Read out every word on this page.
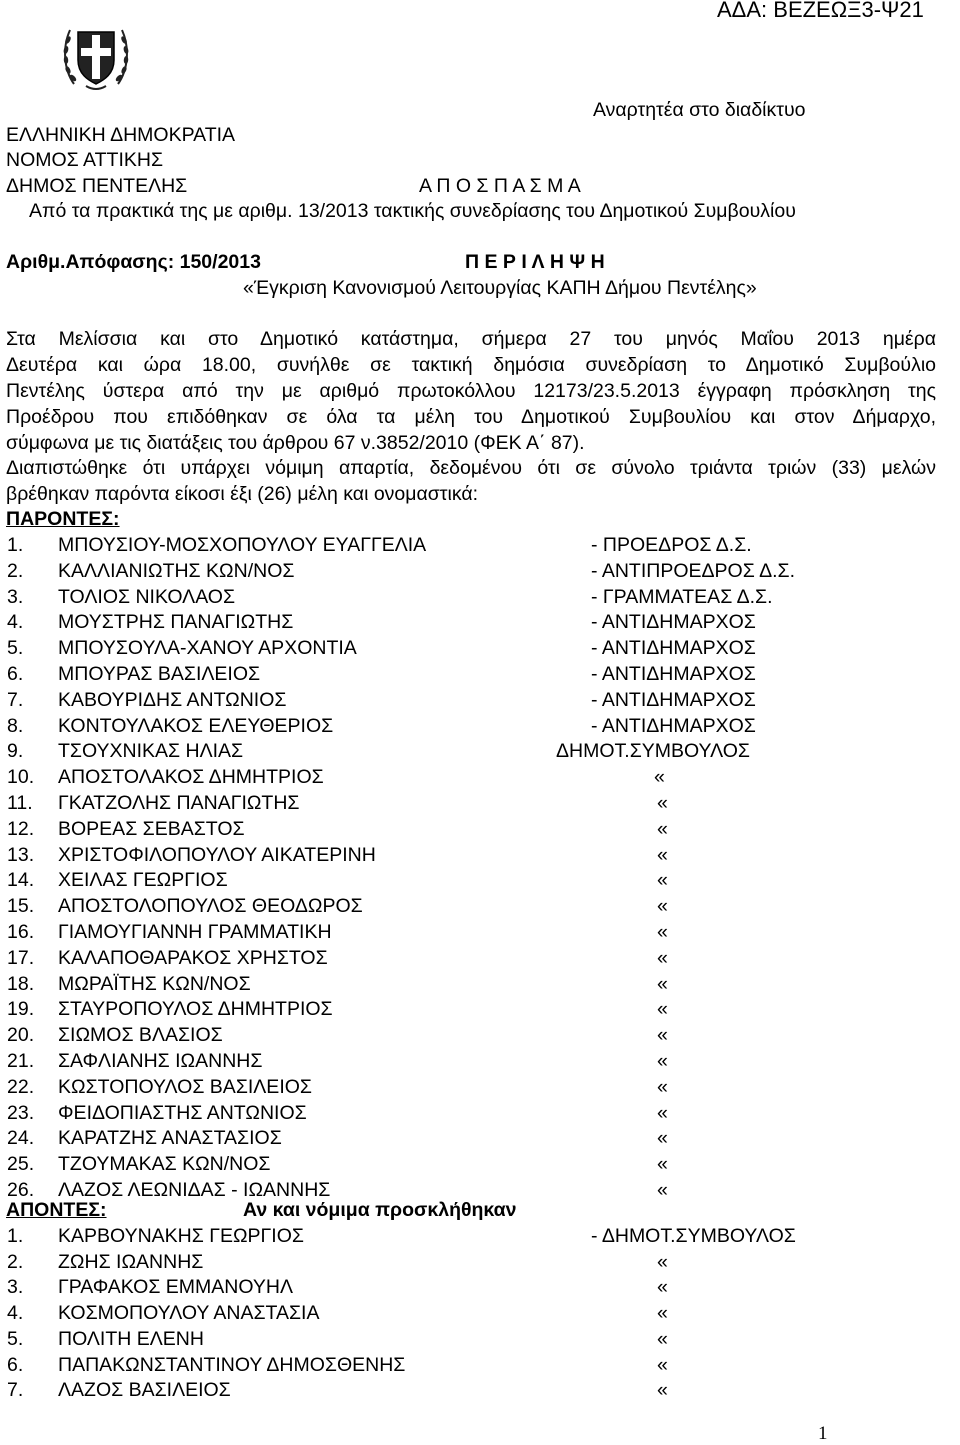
ΑΔΑ: ΒΕΖΕΩΞ3-Ψ21
Αναρτητέα στο διαδίκτυο
ΕΛΛΗΝΙΚΗ ΔΗΜΟΚΡΑΤΙΑ
ΝΟΜΟΣ ΑΤΤΙΚΗΣ
ΔΗΜΟΣ ΠΕΝΤΕΛΗΣ	Α Π Ο Σ Π Α Σ Μ Α
Από τα πρακτικά της με αριθμ. 13/2013 τακτικής συνεδρίασης του Δημοτικού Συμβουλίου
Αριθμ.Απόφασης: 150/2013	Π Ε Ρ Ι Λ Η Ψ Η
«Έγκριση Κανονισμού Λειτουργίας ΚΑΠΗ Δήμου Πεντέλης»
Στα Μελίσσια και στο Δημοτικό κατάστημα, σήμερα 27 του μηνός Μαΐου 2013 ημέρα
Δευτέρα και ώρα 18.00, συνήλθε σε τακτική δημόσια συνεδρίαση το Δημοτικό Συμβούλιο
Πεντέλης ύστερα από την με αριθμό πρωτοκόλλου 12173/23.5.2013 έγγραφη πρόσκληση της
Προέδρου που επιδόθηκαν σε όλα τα μέλη του Δημοτικού Συμβουλίου και στον Δήμαρχο,
σύμφωνα με τις διατάξεις του άρθρου 67 ν.3852/2010 (ΦΕΚ Α΄ 87).
Διαπιστώθηκε ότι υπάρχει νόμιμη απαρτία, δεδομένου ότι σε σύνολο τριάντα τριών (33) μελών
βρέθηκαν παρόντα είκοσι έξι (26) μέλη και ονομαστικά:
ΠΑΡΟΝΤΕΣ:
1. ΜΠΟΥΣΙΟΥ-ΜΟΣΧΟΠΟΥΛΟΥ ΕΥΑΓΓΕΛΙΑ	- ΠΡΟΕΔΡΟΣ Δ.Σ.
2. ΚΑΛΛΙΑΝΙΩΤΗΣ ΚΩΝ/ΝΟΣ	- ΑΝΤΙΠΡΟΕΔΡΟΣ Δ.Σ.
3. ΤΟΛΙΟΣ ΝΙΚΟΛΑΟΣ	- ΓΡΑΜΜΑΤΕΑΣ Δ.Σ.
4. ΜΟΥΣΤΡΗΣ ΠΑΝΑΓΙΩΤΗΣ	- ΑΝΤΙΔΗΜΑΡΧΟΣ
5. ΜΠΟΥΣΟΥΛΑ-ΧΑΝΟΥ ΑΡΧΟΝΤΙΑ	- ΑΝΤΙΔΗΜΑΡΧΟΣ
6. ΜΠΟΥΡΑΣ ΒΑΣΙΛΕΙΟΣ	- ΑΝΤΙΔΗΜΑΡΧΟΣ
7. ΚΑΒΟΥΡΙΔΗΣ ΑΝΤΩΝΙΟΣ	- ΑΝΤΙΔΗΜΑΡΧΟΣ
8. ΚΟΝΤΟΥΛΑΚΟΣ ΕΛΕΥΘΕΡΙΟΣ	- ΑΝΤΙΔΗΜΑΡΧΟΣ
9. ΤΣΟΥΧΝΙΚΑΣ ΗΛΙΑΣ	ΔΗΜΟΤ.ΣΥΜΒΟΥΛΟΣ
10. ΑΠΟΣΤΟΛΑΚΟΣ ΔΗΜΗΤΡΙΟΣ	«
11. ΓΚΑΤΖΟΛΗΣ ΠΑΝΑΓΙΩΤΗΣ	«
12. ΒΟΡΕΑΣ ΣΕΒΑΣΤΟΣ	«
13. ΧΡΙΣΤΟΦΙΛΟΠΟΥΛΟΥ ΑΙΚΑΤΕΡΙΝΗ	«
14. ΧΕΙΛΑΣ ΓΕΩΡΓΙΟΣ	«
15. ΑΠΟΣΤΟΛΟΠΟΥΛΟΣ ΘΕΟΔΩΡΟΣ	«
16. ΓΙΑΜΟΥΓΙΑΝΝΗ ΓΡΑΜΜΑΤΙΚΗ	«
17. ΚΑΛΑΠΟΘΑΡΑΚΟΣ ΧΡΗΣΤΟΣ	«
18. ΜΩΡΑΪΤΗΣ ΚΩΝ/ΝΟΣ	«
19. ΣΤΑΥΡΟΠΟΥΛΟΣ ΔΗΜΗΤΡΙΟΣ	«
20. ΣΙΩΜΟΣ ΒΛΑΣΙΟΣ	«
21. ΣΑΦΛΙΑΝΗΣ ΙΩΑΝΝΗΣ	«
22. ΚΩΣΤΟΠΟΥΛΟΣ ΒΑΣΙΛΕΙΟΣ	«
23. ΦΕΙΔΟΠΙΑΣΤΗΣ ΑΝΤΩΝΙΟΣ	«
24. ΚΑΡΑΤΖΗΣ ΑΝΑΣΤΑΣΙΟΣ	«
25. ΤΖΟΥΜΑΚΑΣ ΚΩΝ/ΝΟΣ	«
26. ΛΑΖΟΣ ΛΕΩΝΙΔΑΣ - ΙΩΑΝΝΗΣ	«
ΑΠΟΝΤΕΣ:	Αν και νόμιμα προσκλήθηκαν
1. ΚΑΡΒΟΥΝΑΚΗΣ ΓΕΩΡΓΙΟΣ	- ΔΗΜΟΤ.ΣΥΜΒΟΥΛΟΣ
2. ΖΩΗΣ ΙΩΑΝΝΗΣ	«
3. ΓΡΑΦΑΚΟΣ ΕΜΜΑΝΟΥΗΛ	«
4. ΚΟΣΜΟΠΟΥΛΟΥ ΑΝΑΣΤΑΣΙΑ	«
5. ΠΟΛΙΤΗ ΕΛΕΝΗ	«
6. ΠΑΠΑΚΩΝΣΤΑΝΤΙΝΟΥ ΔΗΜΟΣΘΕΝΗΣ	«
7. ΛΑΖΟΣ ΒΑΣΙΛΕΙΟΣ	«
1
